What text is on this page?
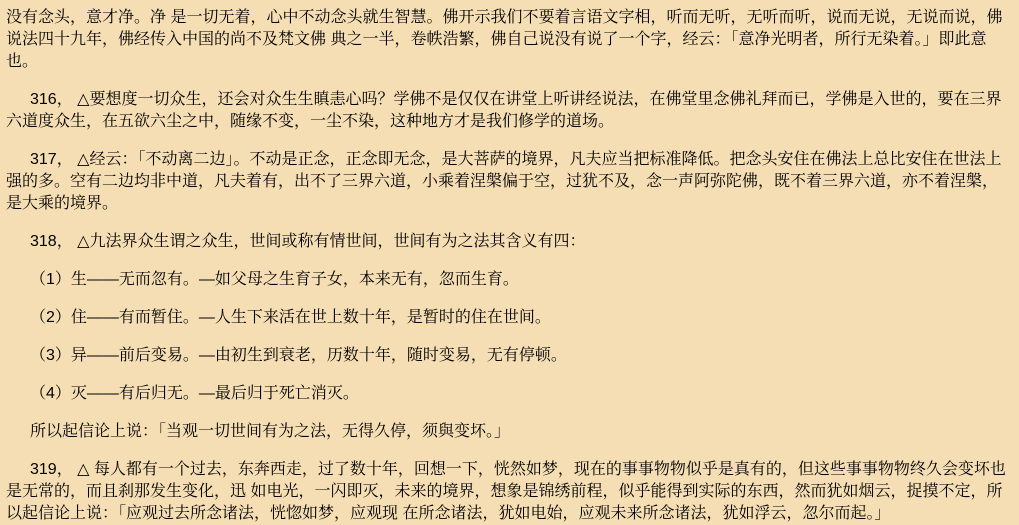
没有念头，意才净。净 是一切无着，心中不动念头就生智慧。佛开示我们不要着言语文字相，听而无听，无听而听，说而无说，无说而说，佛说法四十九年，佛经传入中国的尚不及梵文佛 典之一半，卷帙浩繁，佛自己说没有说了一个字，经云：「意净光明者，所行无染着。」即此意也。

316， △要想度一切众生，还会对众生生瞋恚心吗？学佛不是仅仅在讲堂上听讲经说法，在佛堂里念佛礼拜而已，学佛是入世的，要在三界六道度众生，在五欲六尘之中，随缘不变，一尘不染，这种地方才是我们修学的道场。

317， △经云：「不动离二边」。不动是正念，正念即无念，是大菩萨的境界，凡夫应当把标准降低。把念头安住在佛法上总比安住在世法上强的多。空有二边均非中道，凡夫着有，出不了三界六道，小乘着涅槃偏于空，过犹不及，念一声阿弥陀佛，既不着三界六道，亦不着涅槃，是大乘的境界。

318， △九法界众生谓之众生，世间或称有情世间，世间有为之法其含义有四：

（1）生——无而忽有。—如父母之生育子女，本来无有，忽而生育。

（2）住——有而暂住。—人生下来活在世上数十年，是暂时的住在世间。

（3）异——前后变易。—由初生到衰老，历数十年，随时变易，无有停顿。

（4）灭——有后归无。—最后归于死亡消灭。

所以起信论上说：「当观一切世间有为之法，无得久停，须與变坏。」

319， △ 每人都有一个过去，东奔西走，过了数十年，回想一下，恍然如梦，现在的事事物物似乎是真有的，但这些事事物物终久会变坏也是无常的，而且刹那发生变化，迅 如电光，一闪即灭，未来的境界，想象是锦绣前程，似乎能得到实际的东西，然而犹如烟云，捉摸不定，所以起信论上说：「应观过去所念诸法，恍惚如梦，应观现 在所念诸法，犹如电始，应观未来所念诸法，犹如浮云，忽尔而起。」
